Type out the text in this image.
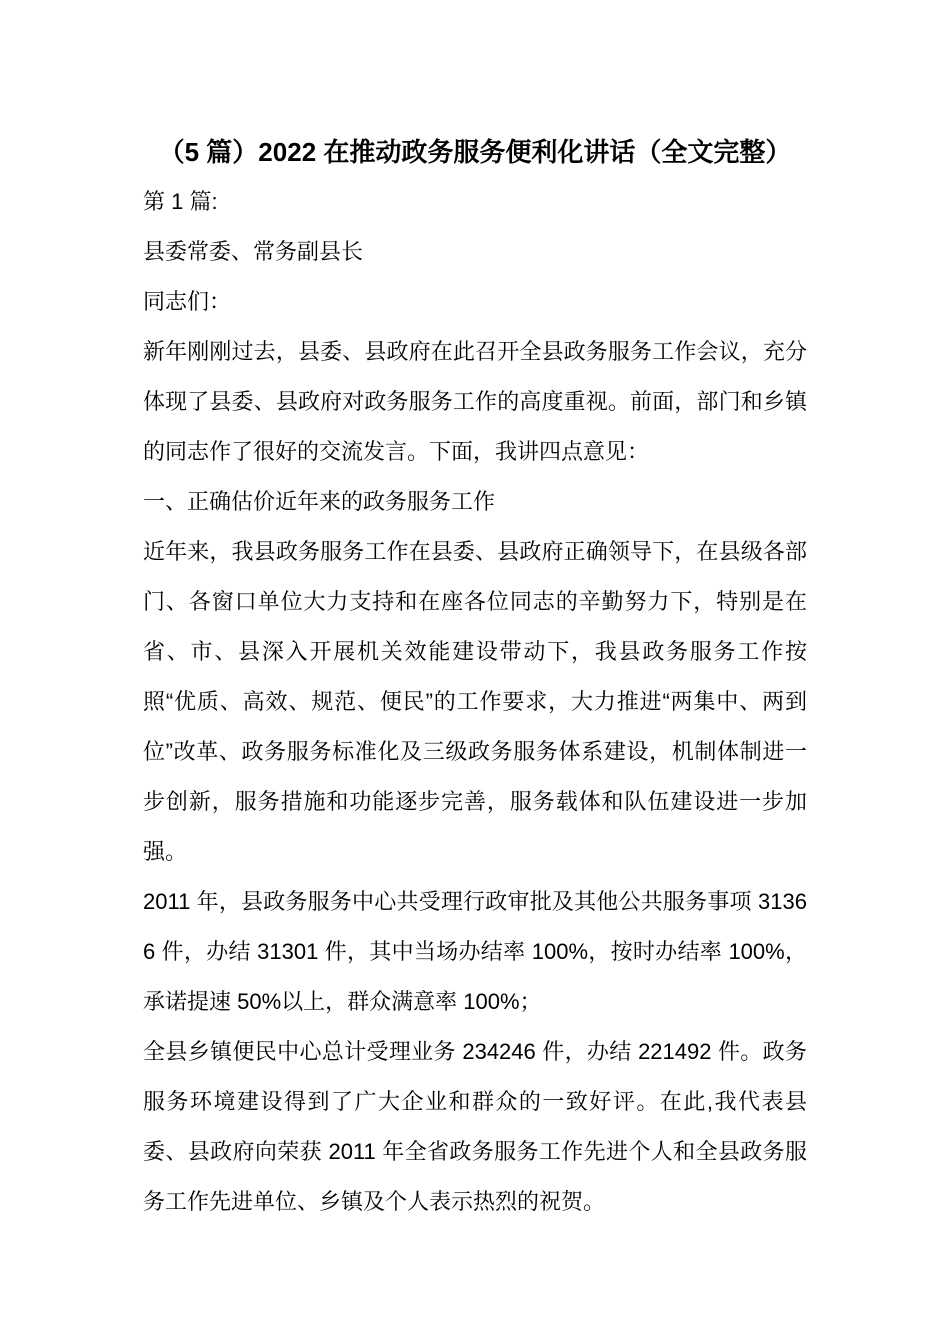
（5 篇）2022 在推动政务服务便利化讲话（全文完整）

第 1 篇:

县委常委、常务副县长

同志们：

新年刚刚过去，县委、县政府在此召开全县政务服务工作会议，充分体现了县委、县政府对政务服务工作的高度重视。前面，部门和乡镇的同志作了很好的交流发言。下面，我讲四点意见：

一、正确估价近年来的政务服务工作

近年来，我县政务服务工作在县委、县政府正确领导下，在县级各部门、各窗口单位大力支持和在座各位同志的辛勤努力下，特别是在省、市、县深入开展机关效能建设带动下，我县政务服务工作按照“优质、高效、规范、便民”的工作要求，大力推进“两集中、两到位”改革、政务服务标准化及三级政务服务体系建设，机制体制进一步创新，服务措施和功能逐步完善，服务载体和队伍建设进一步加强。

2011 年，县政务服务中心共受理行政审批及其他公共服务事项 31366 件，办结 31301 件，其中当场办结率 100%，按时办结率 100%，承诺提速 50%以上，群众满意率 100%；

全县乡镇便民中心总计受理业务 234246 件，办结 221492 件。政务服务环境建设得到了广大企业和群众的一致好评。在此,我代表县委、县政府向荣获 2011 年全省政务服务工作先进个人和全县政务服务工作先进单位、乡镇及个人表示热烈的祝贺。
